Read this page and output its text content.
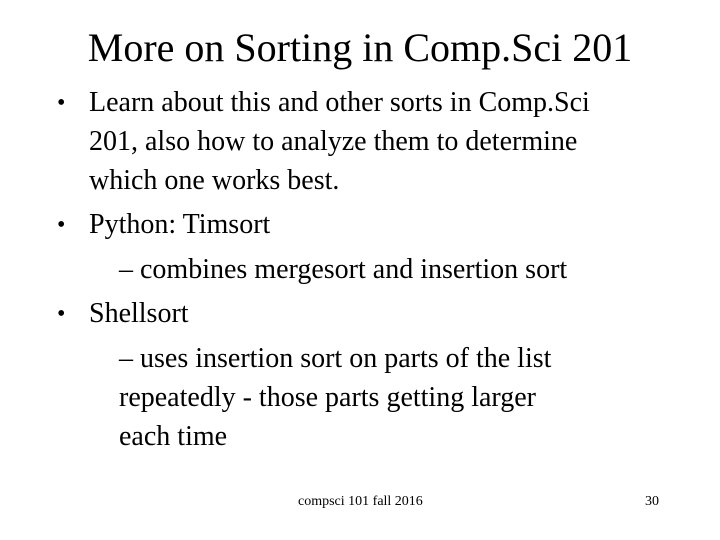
More on Sorting in Comp.Sci 201
• Learn about this and other sorts in Comp.Sci
201, also how to analyze them to determine
which one works best.
• Python: Timsort
– combines mergesort and insertion sort
• Shellsort
– uses insertion sort on parts of the list
repeatedly - those parts getting larger
each time
compsci 101 fall 2016	30
